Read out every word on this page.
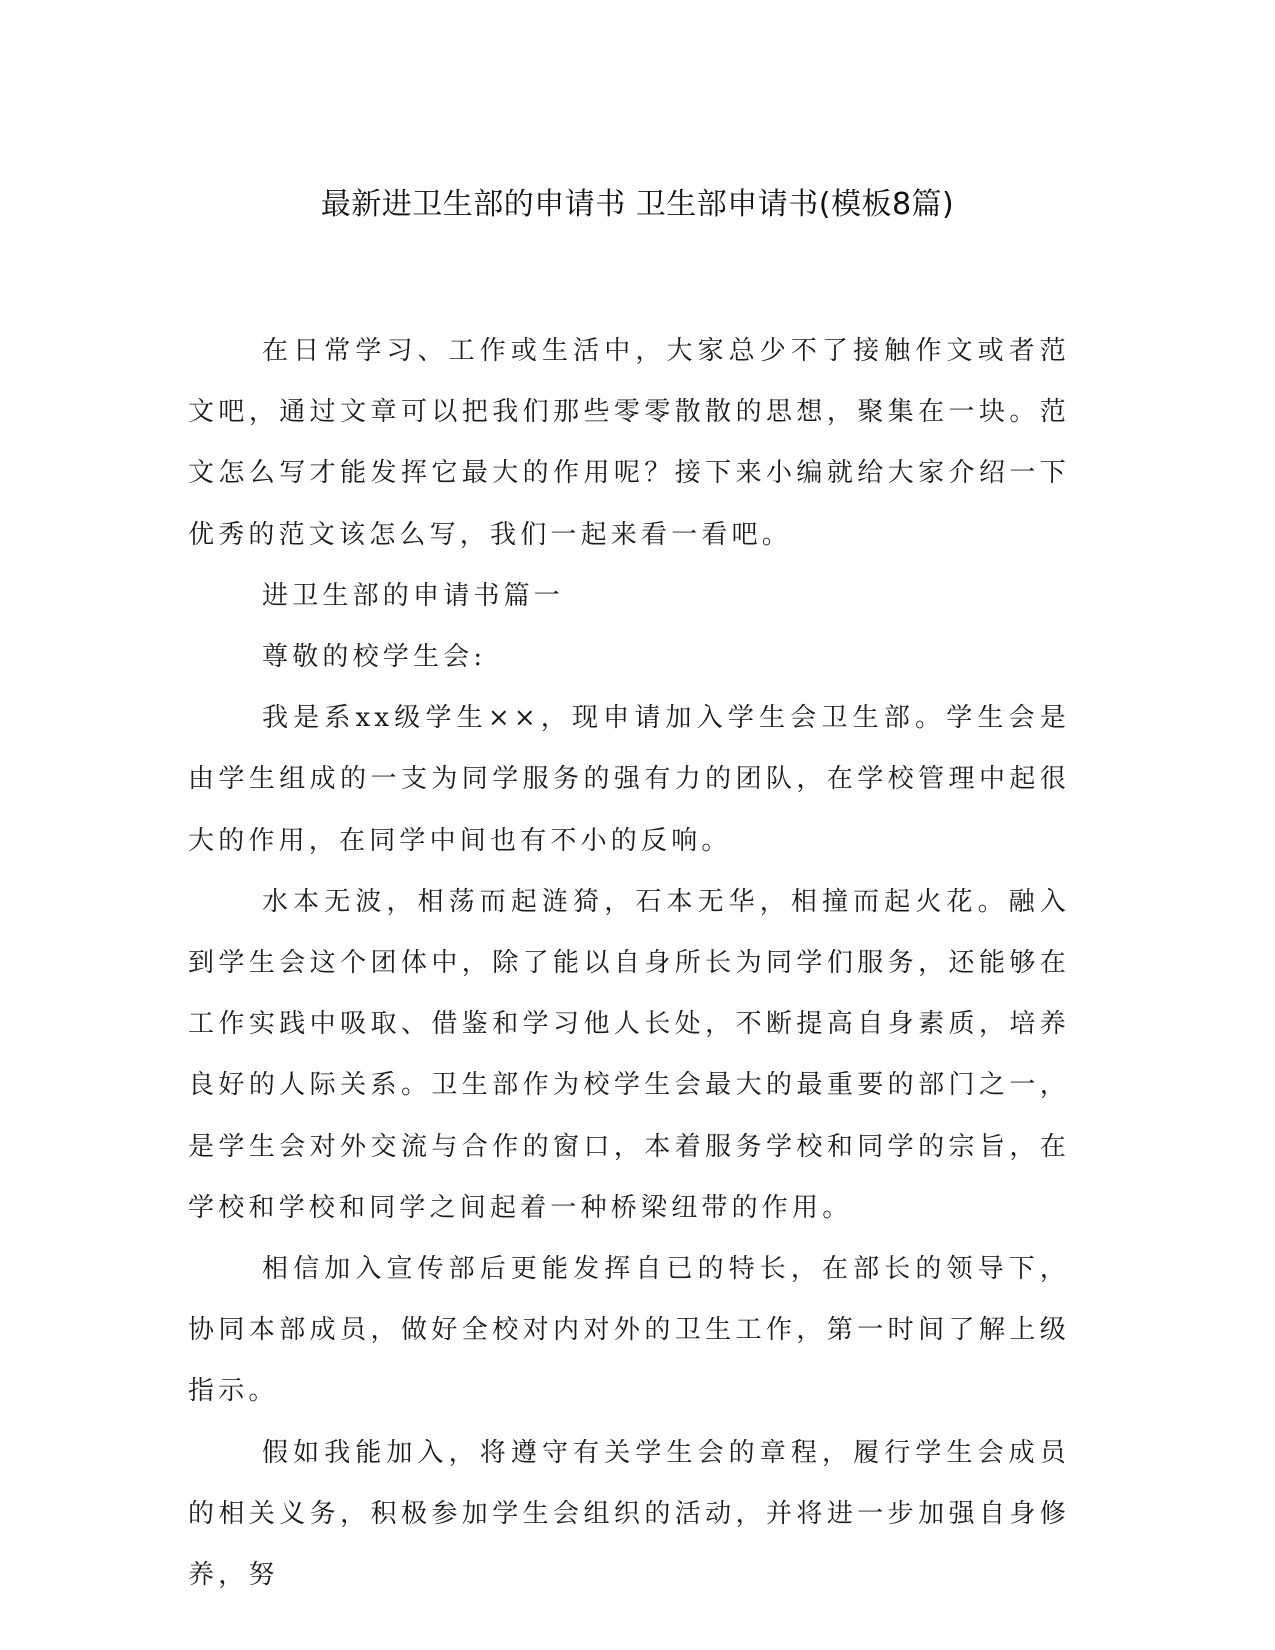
最新进卫生部的申请书 卫生部申请书(模板8篇)

在日常学习、工作或生活中，大家总少不了接触作文或者范文吧，通过文章可以把我们那些零零散散的思想，聚集在一块。范文怎么写才能发挥它最大的作用呢？接下来小编就给大家介绍一下优秀的范文该怎么写，我们一起来看一看吧。

进卫生部的申请书篇一

尊敬的校学生会:

我是系xx级学生××，现申请加入学生会卫生部。学生会是由学生组成的一支为同学服务的强有力的团队，在学校管理中起很大的作用，在同学中间也有不小的反响。

水本无波，相荡而起涟猗，石本无华，相撞而起火花。融入到学生会这个团体中，除了能以自身所长为同学们服务，还能够在工作实践中吸取、借鉴和学习他人长处，不断提高自身素质，培养良好的人际关系。卫生部作为校学生会最大的最重要的部门之一，是学生会对外交流与合作的窗口，本着服务学校和同学的宗旨，在学校和学校和同学之间起着一种桥梁纽带的作用。

相信加入宣传部后更能发挥自已的特长，在部长的领导下，协同本部成员，做好全校对内对外的卫生工作，第一时间了解上级指示。

假如我能加入，将遵守有关学生会的章程，履行学生会成员的相关义务，积极参加学生会组织的活动，并将进一步加强自身修养，努
